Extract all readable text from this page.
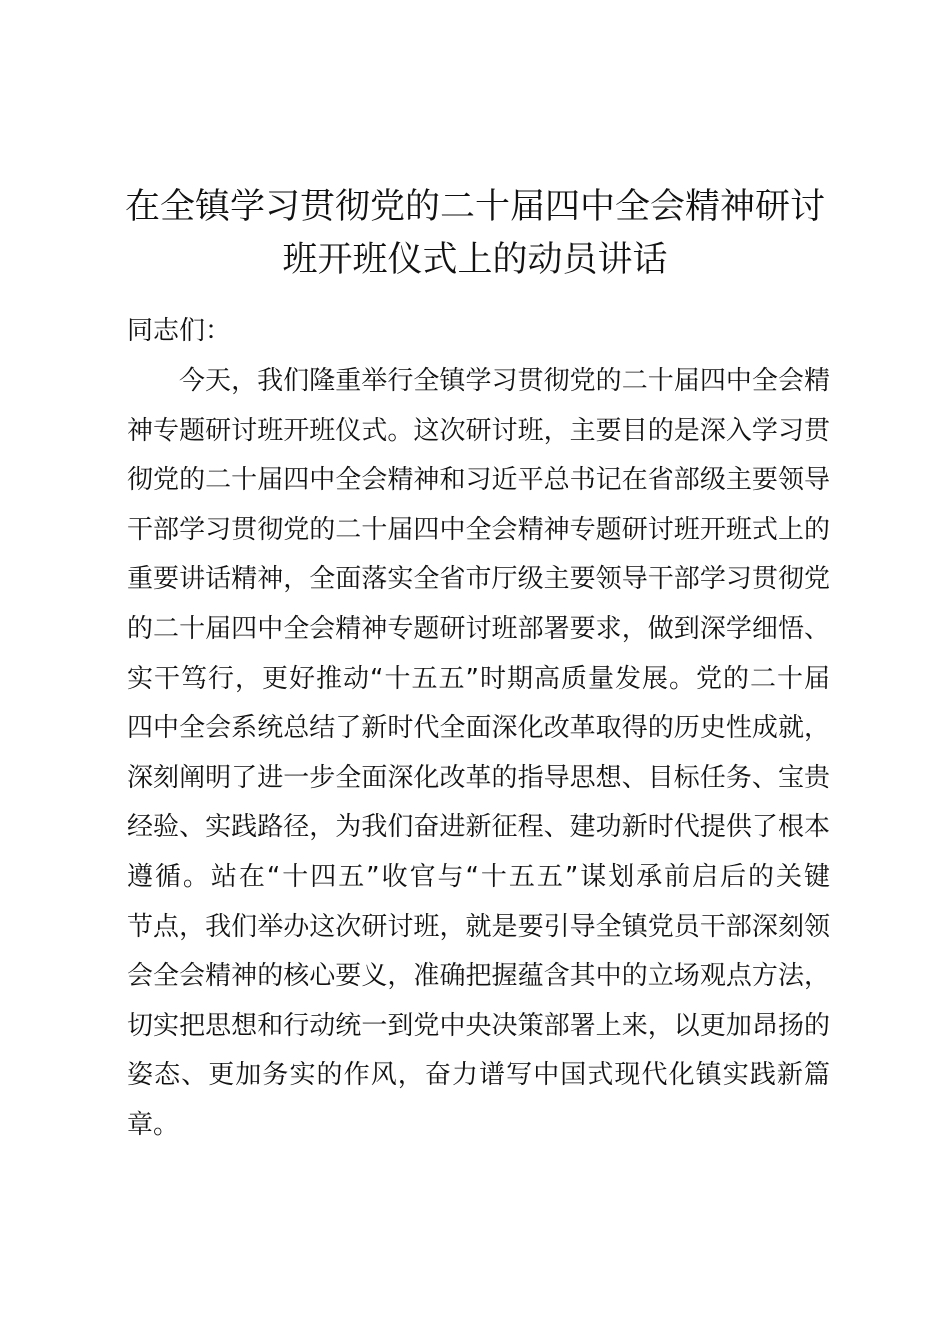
在全镇学习贯彻党的二十届四中全会精神研讨
班开班仪式上的动员讲话

同志们：

今天，我们隆重举行全镇学习贯彻党的二十届四中全会精
神专题研讨班开班仪式。这次研讨班，主要目的是深入学习贯
彻党的二十届四中全会精神和习近平总书记在省部级主要领导
干部学习贯彻党的二十届四中全会精神专题研讨班开班式上的
重要讲话精神，全面落实全省市厅级主要领导干部学习贯彻党
的二十届四中全会精神专题研讨班部署要求，做到深学细悟、
实干笃行，更好推动“十五五”时期高质量发展。党的二十届
四中全会系统总结了新时代全面深化改革取得的历史性成就，
深刻阐明了进一步全面深化改革的指导思想、目标任务、宝贵
经验、实践路径，为我们奋进新征程、建功新时代提供了根本
遵循。站在“十四五”收官与“十五五”谋划承前启后的关键
节点，我们举办这次研讨班，就是要引导全镇党员干部深刻领
会全会精神的核心要义，准确把握蕴含其中的立场观点方法，
切实把思想和行动统一到党中央决策部署上来，以更加昂扬的
姿态、更加务实的作风，奋力谱写中国式现代化镇实践新篇
章。
